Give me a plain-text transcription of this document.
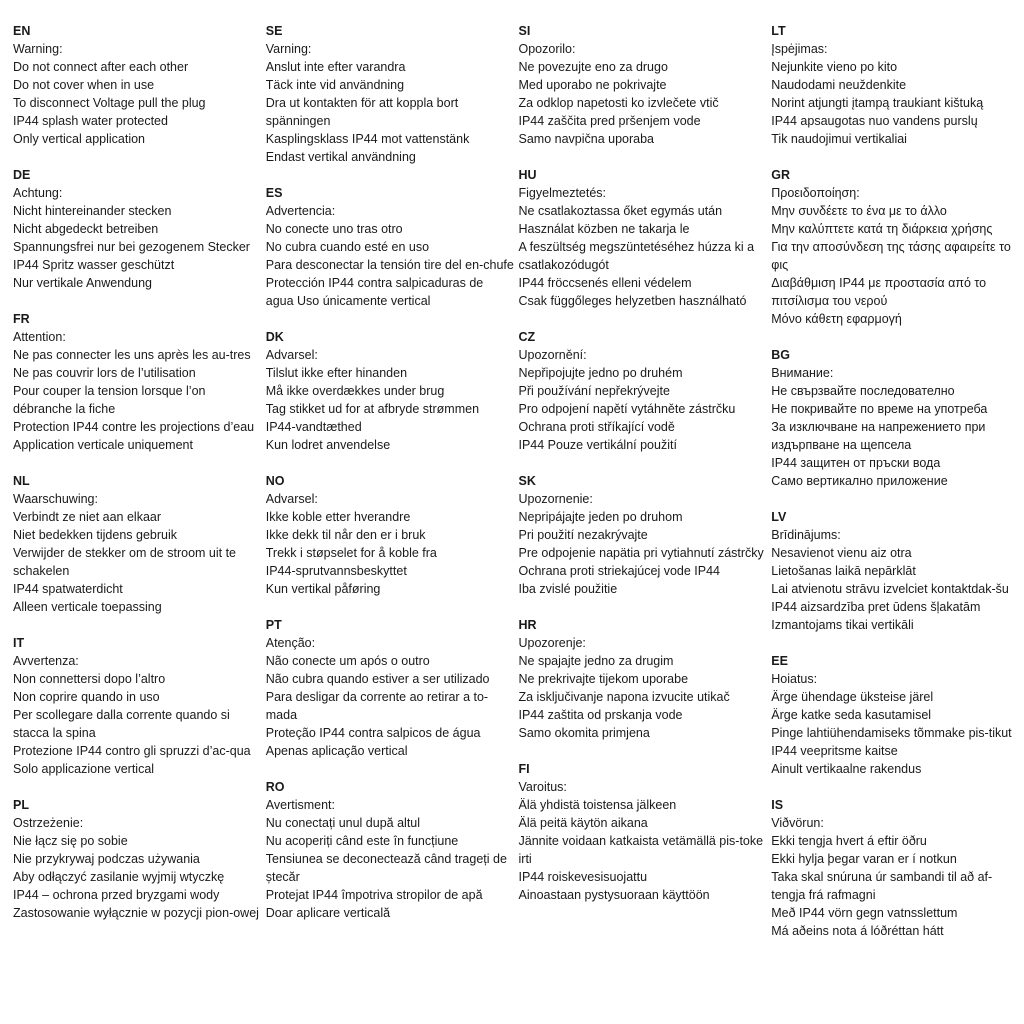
EN
Warning:
Do not connect after each other
Do not cover when in use
To disconnect Voltage pull the plug
IP44 splash water protected
Only vertical application
DE
Achtung:
Nicht hintereinander stecken
Nicht abgedeckt betreiben
Spannungsfrei nur bei gezogenem Stecker
IP44 Spritz wasser geschützt
Nur vertikale Anwendung
FR
Attention:
Ne pas connecter les uns après les au-tres
Ne pas couvrir lors de l’utilisation
Pour couper la tension lorsque l’on débranche la fiche
Protection IP44 contre les projections d’eau
Application verticale uniquement
NL
Waarschuwing:
Verbindt ze niet aan elkaar
Niet bedekken tijdens gebruik
Verwijder de stekker om de stroom uit te schakelen
IP44 spatwaterdicht
Alleen verticale toepassing
IT
Avvertenza:
Non connettersi dopo l’altro
Non coprire quando in uso
Per scollegare dalla corrente quando si stacca la spina
Protezione IP44 contro gli spruzzi d’ac-qua
Solo applicazione vertical
PL
Ostrzeżenie:
Nie łącz się po sobie
Nie przykrywaj podczas używania
Aby odłączyć zasilanie wyjmij wtyczkę
IP44 – ochrona przed bryzgami wody
Zastosowanie wyłącznie w pozycji pion-owej
SE
Varning:
Anslut inte efter varandra
Täck inte vid användning
Dra ut kontakten för att koppla bort spänningen
Kasplingsklass IP44 mot vattenstänk
Endast vertikal användning
ES
Advertencia:
No conecte uno tras otro
No cubra cuando esté en uso
Para desconectar la tensión tire del en-chufe
Protección IP44 contra salpicaduras de agua Uso únicamente vertical
DK
Advarsel:
Tilslut ikke efter hinanden
Må ikke overdækkes under brug
Tag stikket ud for at afbryde strømmen
IP44-vandtæthed
Kun lodret anvendelse
NO
Advarsel:
Ikke koble etter hverandre
Ikke dekk til når den er i bruk
Trekk i støpselet for å koble fra
IP44-sprutvannsbeskyttet
Kun vertikal påføring
PT
Atenção:
Não conecte um após o outro
Não cubra quando estiver a ser utilizado
Para desligar da corrente ao retirar a to-mada
Proteção IP44 contra salpicos de água
Apenas aplicação vertical
RO
Avertisment:
Nu conectați unul după altul
Nu acoperiți când este în funcțiune
Tensiunea se deconectează când trageți de ștecăr
Protejat IP44 împotriva stropilor de apă
Doar aplicare verticală
SI
Opozorilo:
Ne povezujte eno za drugo
Med uporabo ne pokrivajte
Za odklop napetosti ko izvlečete vtič
IP44 zaščita pred pršenjem vode
Samo navpična uporaba
HU
Figyelmeztetés:
Ne csatlakoztassa őket egymás után
Használat közben ne takarja le
A feszültség megszüntetéséhez húzza ki a csatlakozódugót
IP44 fröccsenés elleni védelem
Csak függőleges helyzetben használható
CZ
Upozornění:
Nepřipojujte jedno po druhém
Při používání nepřekrývejte
Pro odpojení napětí vytáhněte zástrčku
Ochrana proti stříkající vodě
IP44 Pouze vertikální použití
SK
Upozornenie:
Nepripájajte jeden po druhom
Pri použití nezakrývajte
Pre odpojenie napätia pri vytiahnutí zástrčky
Ochrana proti striekajúcej vode IP44
Iba zvislé použitie
HR
Upozorenje:
Ne spajajte jedno za drugim
Ne prekrivajte tijekom uporabe
Za isključivanje napona izvucite utikač
IP44 zaštita od prskanja vode
Samo okomita primjena
FI
Varoitus:
Älä yhdistä toistensa jälkeen
Älä peitä käytön aikana
Jännite voidaan katkaista vetämällä pis-toke irti
IP44 roiskevesisuojattu
Ainoastaan pystysuoraan käyttöön
LT
Įspėjimas:
Nejunkite vieno po kito
Naudodami neuždenkite
Norint atjungti įtampą traukiant kištuką
IP44 apsaugotas nuo vandens purslų
Tik naudojimui vertikaliai
GR
Προειδοποίηση:
Μην συνδέετε το ένα με το άλλο
Μην καλύπτετε κατά τη διάρκεια χρήσης
Για την αποσύνδεση της τάσης αφαιρείτε το φις
Διαβάθμιση IP44 με προστασία από το πιτσίλισμα του νερού
Μόνο κάθετη εφαρμογή
BG
Внимание:
Не свързвайте последователно
Не покривайте по време на употреба
За изключване на напрежението при издърпване на щепсела
IP44 защитен от пръски вода
Само вертикално приложение
LV
Brīdinājums:
Nesavienot vienu aiz otra
Lietošanas laikā nepārklāt
Lai atvienotu strāvu izvelciet kontaktdak-šu
IP44 aizsardzība pret ūdens šļakatām
Izmantojams tikai vertikāli
EE
Hoiatus:
Ärge ühendage üksteise järel
Ärge katke seda kasutamisel
Pinge lahtiühendamiseks tõmmake pis-tikut
IP44 veepritsme kaitse
Ainult vertikaalne rakendus
IS
Viðvörun:
Ekki tengja hvert á eftir öðru
Ekki hylja þegar varan er í notkun
Taka skal snúruna úr sambandi til að af-tengja frá rafmagni
Með IP44 vörn gegn vatnsslettum
Má aðeins nota á lóðréttan hátt
